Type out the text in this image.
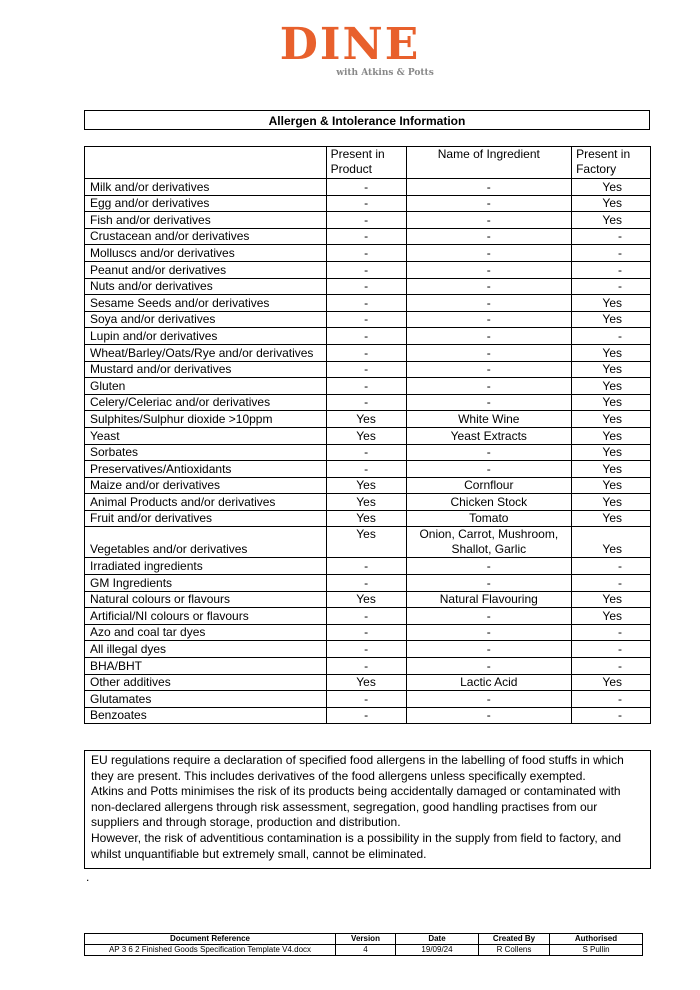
DINE
with Atkins & Potts
Allergen & Intolerance Information
	Present in Product	Name of Ingredient	Present in Factory
Milk and/or derivatives	-	-	Yes
Egg and/or derivatives	-	-	Yes
Fish and/or derivatives	-	-	Yes
Crustacean and/or derivatives	-	-	-
Molluscs and/or derivatives	-	-	-
Peanut and/or derivatives	-	-	-
Nuts and/or derivatives	-	-	-
Sesame Seeds and/or derivatives	-	-	Yes
Soya and/or derivatives	-	-	Yes
Lupin and/or derivatives	-	-	-
Wheat/Barley/Oats/Rye and/or derivatives	-	-	Yes
Mustard and/or derivatives	-	-	Yes
Gluten	-	-	Yes
Celery/Celeriac and/or derivatives	-	-	Yes
Sulphites/Sulphur dioxide >10ppm	Yes	White Wine	Yes
Yeast	Yes	Yeast Extracts	Yes
Sorbates	-	-	Yes
Preservatives/Antioxidants	-	-	Yes
Maize and/or derivatives	Yes	Cornflour	Yes
Animal Products and/or derivatives	Yes	Chicken Stock	Yes
Fruit and/or derivatives	Yes	Tomato	Yes
Vegetables and/or derivatives	Yes	Onion, Carrot, Mushroom, Shallot, Garlic	Yes
Irradiated ingredients	-	-	-
GM Ingredients	-	-	-
Natural colours or flavours	Yes	Natural Flavouring	Yes
Artificial/NI colours or flavours	-	-	Yes
Azo and coal tar dyes	-	-	-
All illegal dyes	-	-	-
BHA/BHT	-	-	-
Other additives	Yes	Lactic Acid	Yes
Glutamates	-	-	-
Benzoates	-	-	-

EU regulations require a declaration of specified food allergens in the labelling of food stuffs in which they are present. This includes derivatives of the food allergens unless specifically exempted.

Atkins and Potts minimises the risk of its products being accidentally damaged or contaminated with non-declared allergens through risk assessment, segregation, good handling practises from our suppliers and through storage, production and distribution.

However, the risk of adventitious contamination is a possibility in the supply from field to factory, and whilst unquantifiable but extremely small, cannot be eliminated.

.
Document Reference	Version	Date	Created By	Authorised
AP 3 6 2 Finished Goods Specification Template V4.docx	4	19/09/24	R Collens	S Pullin
